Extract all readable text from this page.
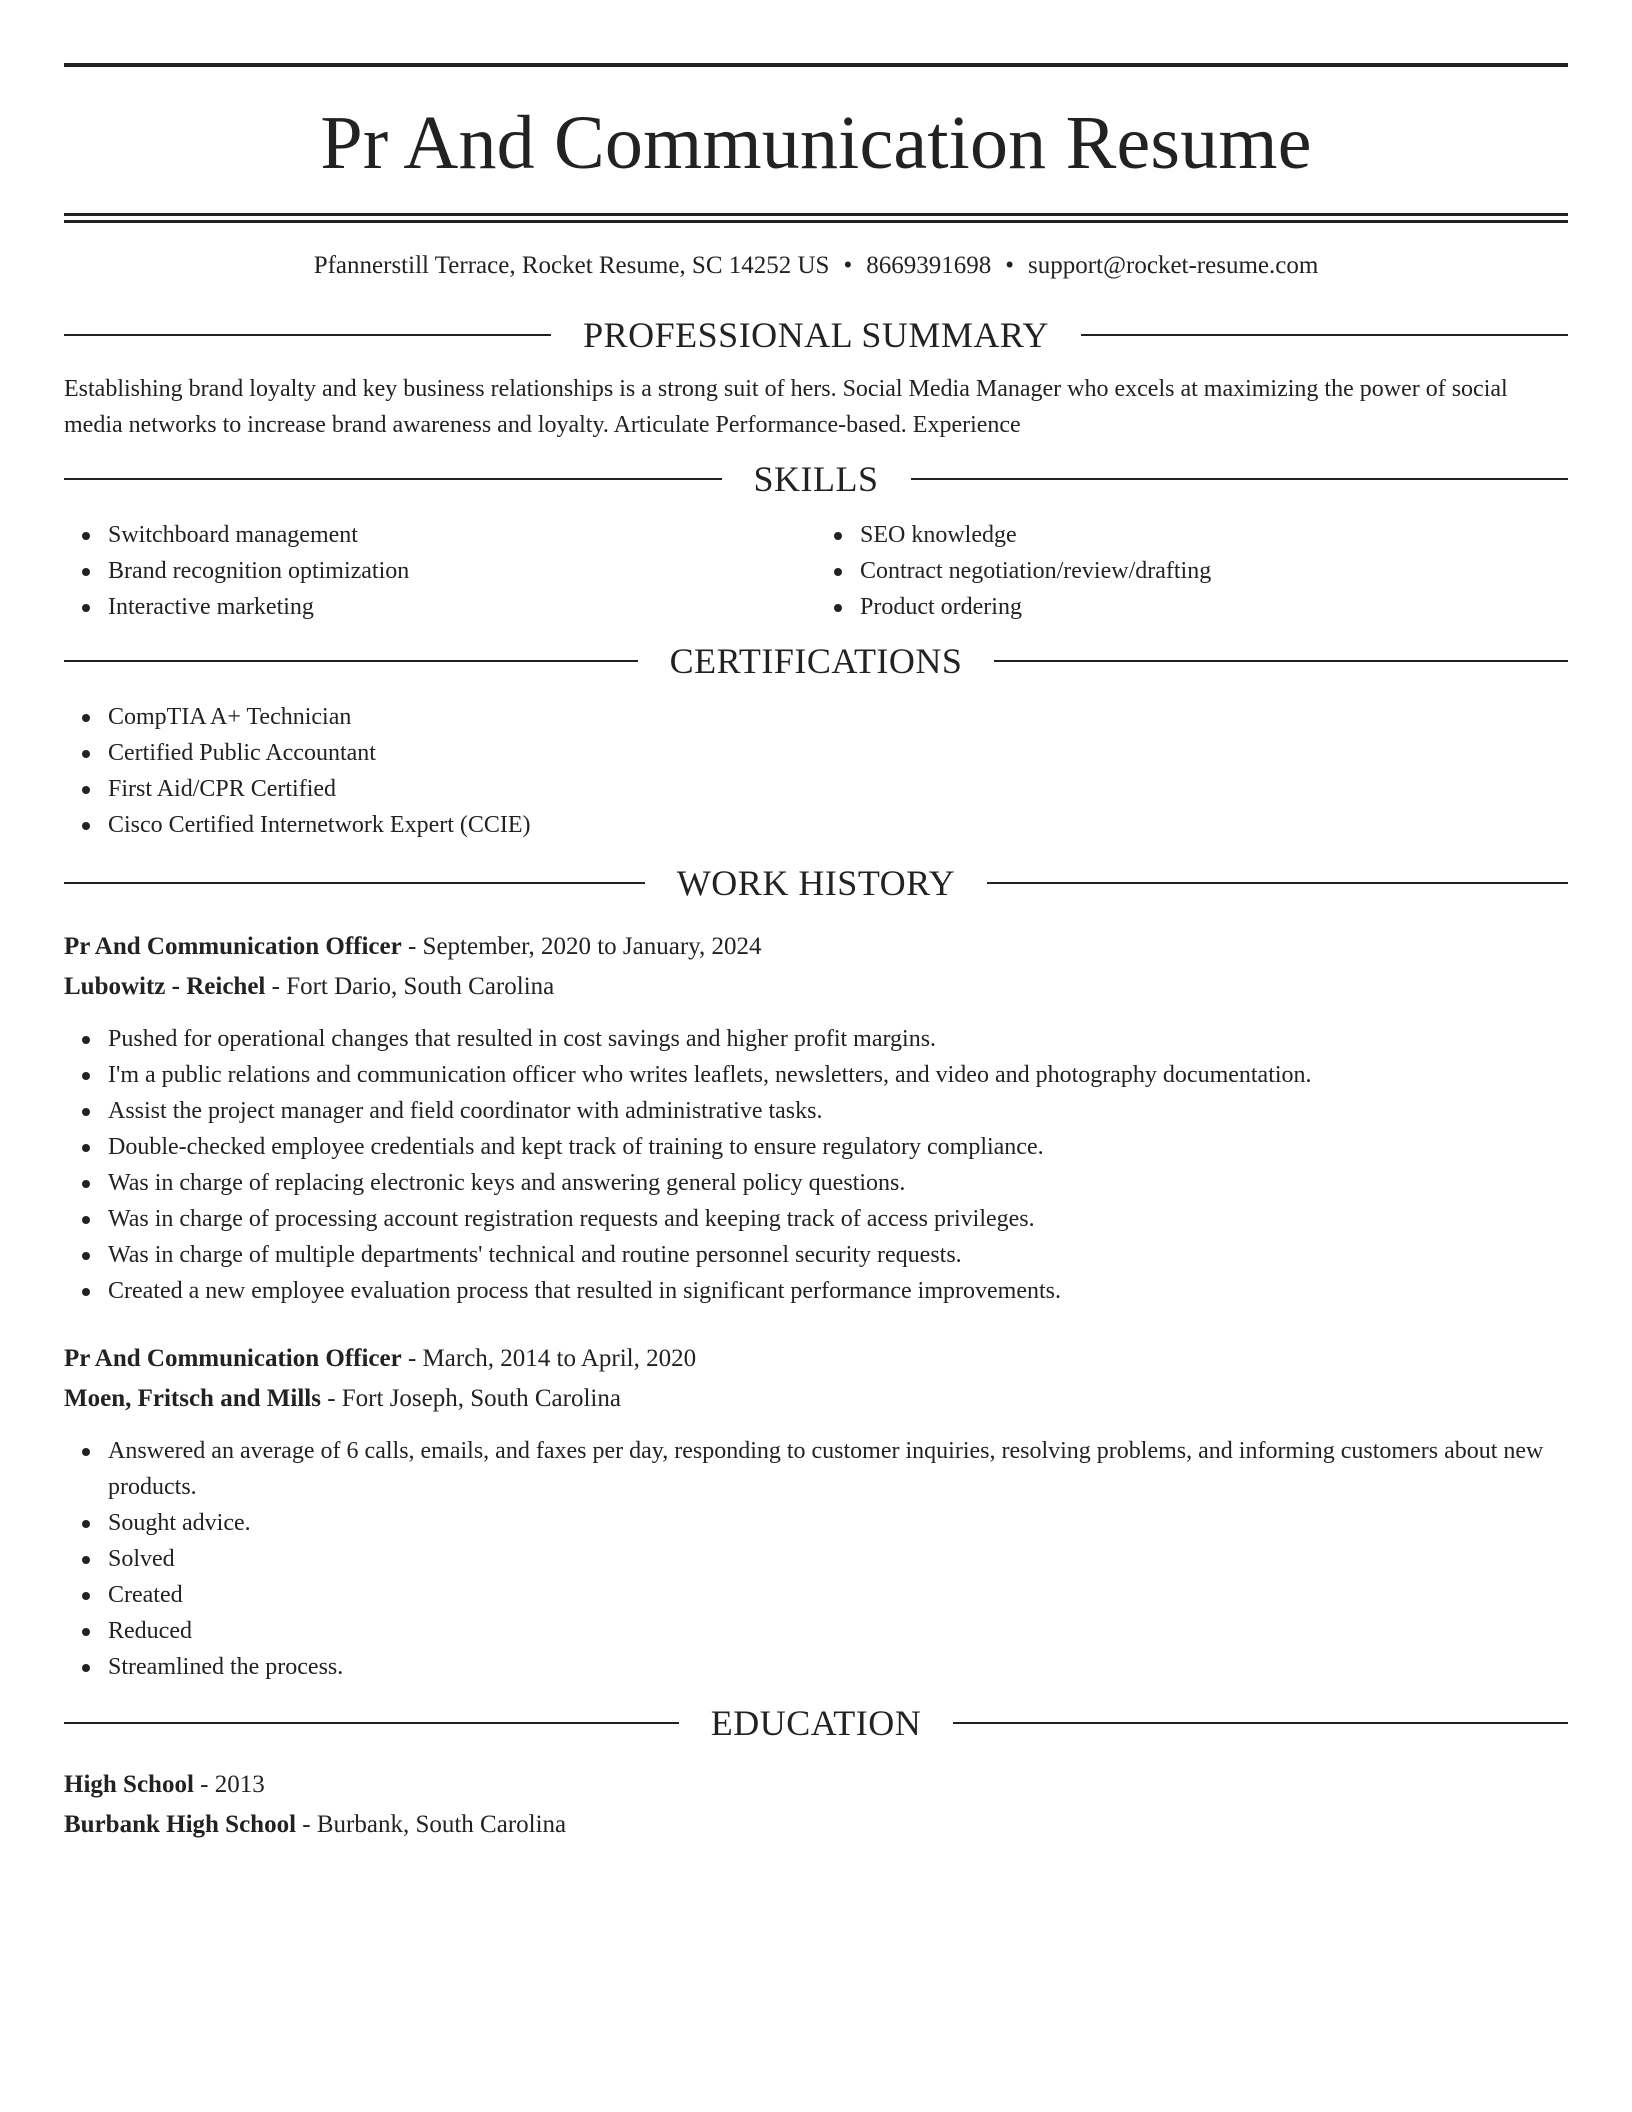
Pr And Communication Resume
Pfannerstill Terrace, Rocket Resume, SC 14252 US • 8669391698 • support@rocket-resume.com
PROFESSIONAL SUMMARY
Establishing brand loyalty and key business relationships is a strong suit of hers. Social Media Manager who excels at maximizing the power of social media networks to increase brand awareness and loyalty. Articulate Performance-based. Experience
SKILLS
Switchboard management
Brand recognition optimization
Interactive marketing
SEO knowledge
Contract negotiation/review/drafting
Product ordering
CERTIFICATIONS
CompTIA A+ Technician
Certified Public Accountant
First Aid/CPR Certified
Cisco Certified Internetwork Expert (CCIE)
WORK HISTORY
Pr And Communication Officer - September, 2020 to January, 2024
Lubowitz - Reichel - Fort Dario, South Carolina
Pushed for operational changes that resulted in cost savings and higher profit margins.
I'm a public relations and communication officer who writes leaflets, newsletters, and video and photography documentation.
Assist the project manager and field coordinator with administrative tasks.
Double-checked employee credentials and kept track of training to ensure regulatory compliance.
Was in charge of replacing electronic keys and answering general policy questions.
Was in charge of processing account registration requests and keeping track of access privileges.
Was in charge of multiple departments' technical and routine personnel security requests.
Created a new employee evaluation process that resulted in significant performance improvements.
Pr And Communication Officer - March, 2014 to April, 2020
Moen, Fritsch and Mills - Fort Joseph, South Carolina
Answered an average of 6 calls, emails, and faxes per day, responding to customer inquiries, resolving problems, and informing customers about new products.
Sought advice.
Solved
Created
Reduced
Streamlined the process.
EDUCATION
High School - 2013
Burbank High School - Burbank, South Carolina
